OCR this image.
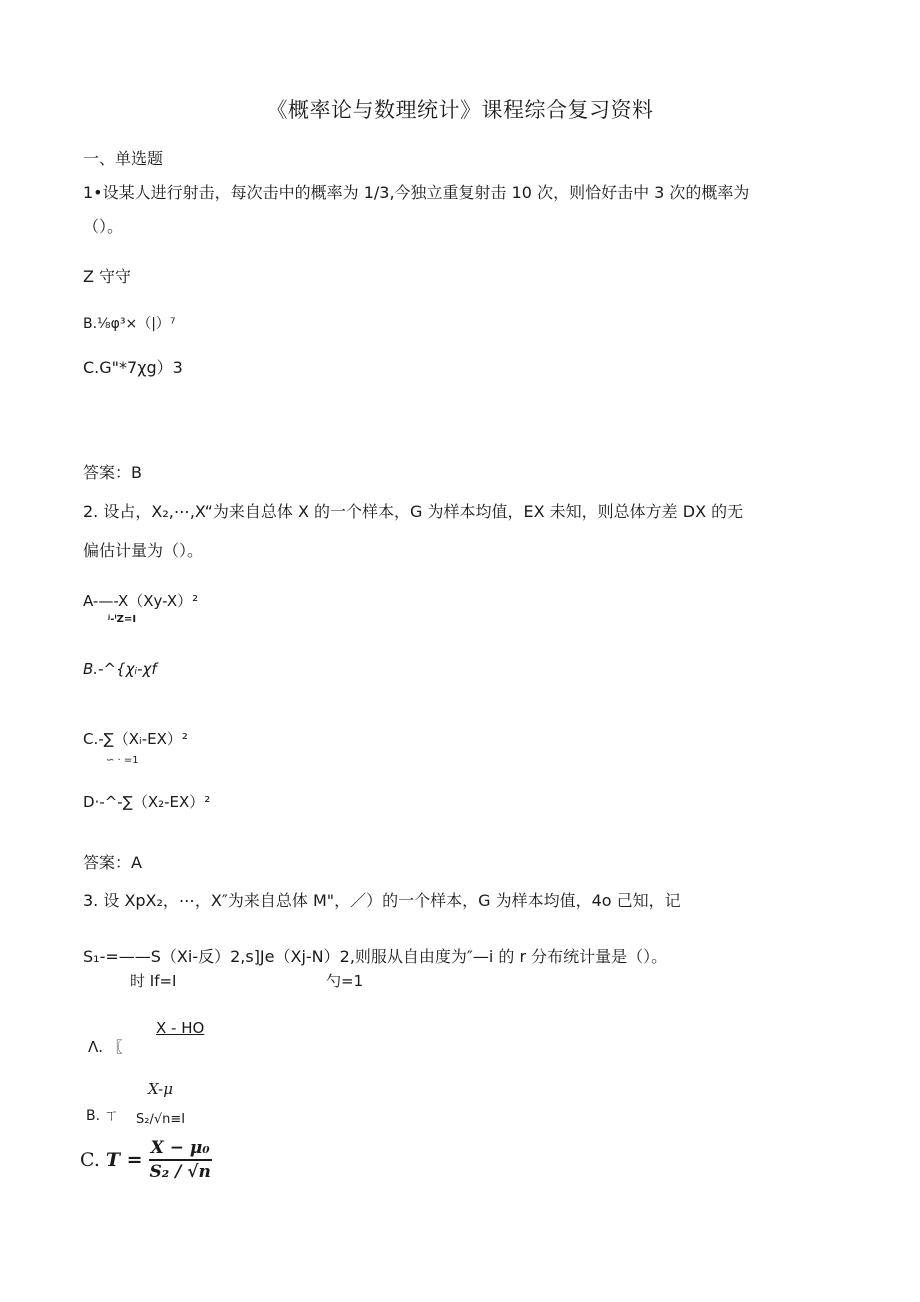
《概率论与数理统计》课程综合复习资料
一、单选题
1•设某人进行射击，每次击中的概率为 1/3,今独立重复射击 10 次，则恰好击中 3 次的概率为
（）。
Z 守守
B.⅛φ³×（|）⁷
C.G"*7χg）3
答案：B
2. 设占，X₂,⋯,X“为来自总体 X 的一个样本，G 为样本均值，EX 未知，则总体方差 DX 的无
偏估计量为（）。
A-—-X（Xy-X）²
ʲ-ᴵZ=I
B.-^{χᵢ-χf
C.-∑（Xᵢ-EX）²
∽ · =1
D·-^-∑（X₂-EX）²
答案：A
3. 设 XpX₂，⋯，X″为来自总体 M"，／）的一个样本，G 为样本均值，4o 己知，记
S₁-=——S（Xi-反）2,s]Je（Xj-N）2,则服从自由度为″—i 的 r 分布统计量是（）。
时 If=I	勺=1
X - HO
Λ. 〖
X-μ
B. ㄒ S₂∕√n≡I
C. $T = \frac{\text{X − μ₀}}{\text{S₂ / √n}}$
